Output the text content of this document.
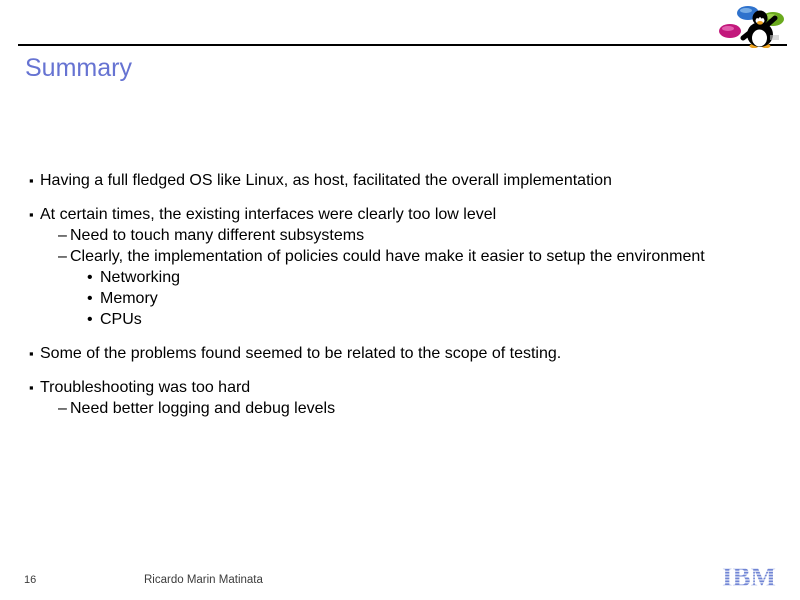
Summary
▪ Having a full fledged OS like Linux, as host, facilitated the overall implementation
▪ At certain times, the existing interfaces were clearly too low level
– Need to touch many different subsystems
– Clearly, the implementation of policies could have make it easier to setup the environment
• Networking
• Memory
• CPUs
▪ Some of the problems found seemed to be related to the scope of testing.
▪ Troubleshooting was too hard
– Need better logging and debug levels
16	Ricardo Marin Matinata	IBM
